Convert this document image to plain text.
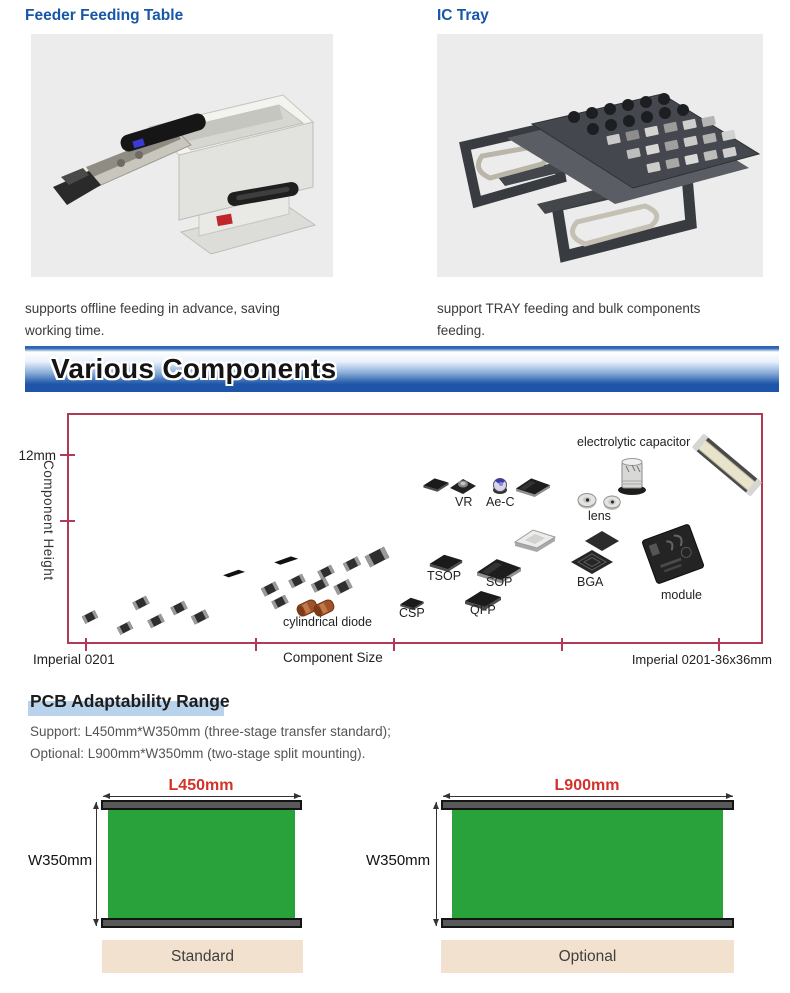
Feeder Feeding Table	IC Tray
supports offline feeding in advance, saving working time.
support TRAY feeding and bulk components feeding.
Various Components
12mm
Component Height
Imperial 0201	Component Size	Imperial 0201-36x36mm
cylindrical diode
CSP
TSOP SOP
QFP
VR Ae-C
lens
electrolytic capacitor
BGA
module
PCB Adaptability Range
Support: L450mm*W350mm (three-stage transfer standard);
Optional: L900mm*W350mm (two-stage split mounting).
L450mm
W350mm
Standard
L900mm
W350mm
Optional
